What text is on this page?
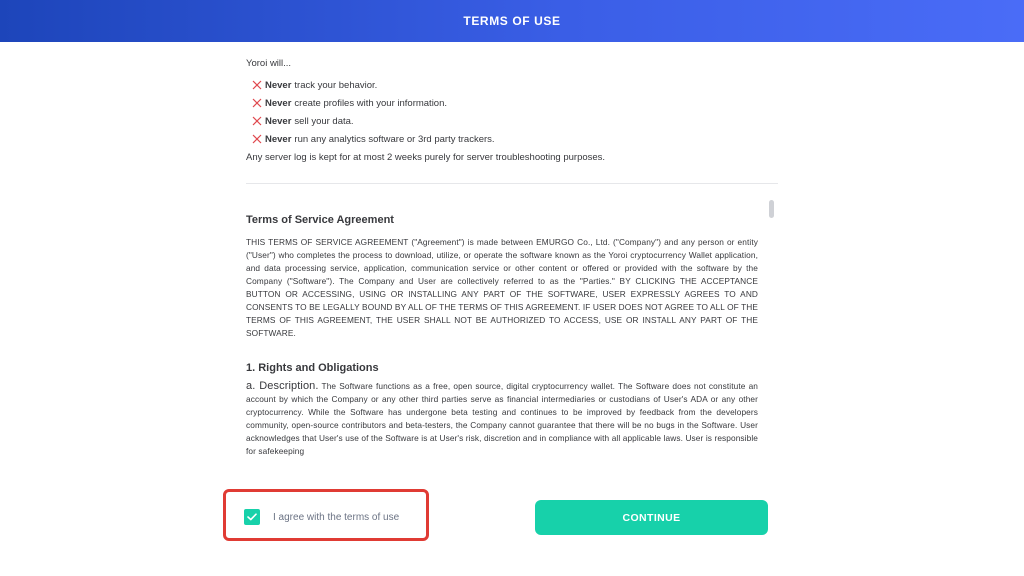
TERMS OF USE
Yoroi will...
Never track your behavior.
Never create profiles with your information.
Never sell your data.
Never run any analytics software or 3rd party trackers.
Any server log is kept for at most 2 weeks purely for server troubleshooting purposes.
Terms of Service Agreement

THIS TERMS OF SERVICE AGREEMENT ("Agreement") is made between EMURGO Co., Ltd. ("Company") and any person or entity ("User") who completes the process to download, utilize, or operate the software known as the Yoroi cryptocurrency Wallet application, and data processing service, application, communication service or other content or offered or provided with the software by the Company ("Software"). The Company and User are collectively referred to as the "Parties." BY CLICKING THE ACCEPTANCE BUTTON OR ACCESSING, USING OR INSTALLING ANY PART OF THE SOFTWARE, USER EXPRESSLY AGREES TO AND CONSENTS TO BE LEGALLY BOUND BY ALL OF THE TERMS OF THIS AGREEMENT. IF USER DOES NOT AGREE TO ALL OF THE TERMS OF THIS AGREEMENT, THE USER SHALL NOT BE AUTHORIZED TO ACCESS, USE OR INSTALL ANY PART OF THE SOFTWARE.

1. Rights and Obligations

a. Description. The Software functions as a free, open source, digital cryptocurrency wallet. The Software does not constitute an account by which the Company or any other third parties serve as financial intermediaries or custodians of User's ADA or any other cryptocurrency. While the Software has undergone beta testing and continues to be improved by feedback from the developers community, open-source contributors and beta-testers, the Company cannot guarantee that there will be no bugs in the Software. User acknowledges that User's use of the Software is at User's risk, discretion and in compliance with all applicable laws. User is responsible for safekeeping

I agree with the terms of use	CONTINUE
